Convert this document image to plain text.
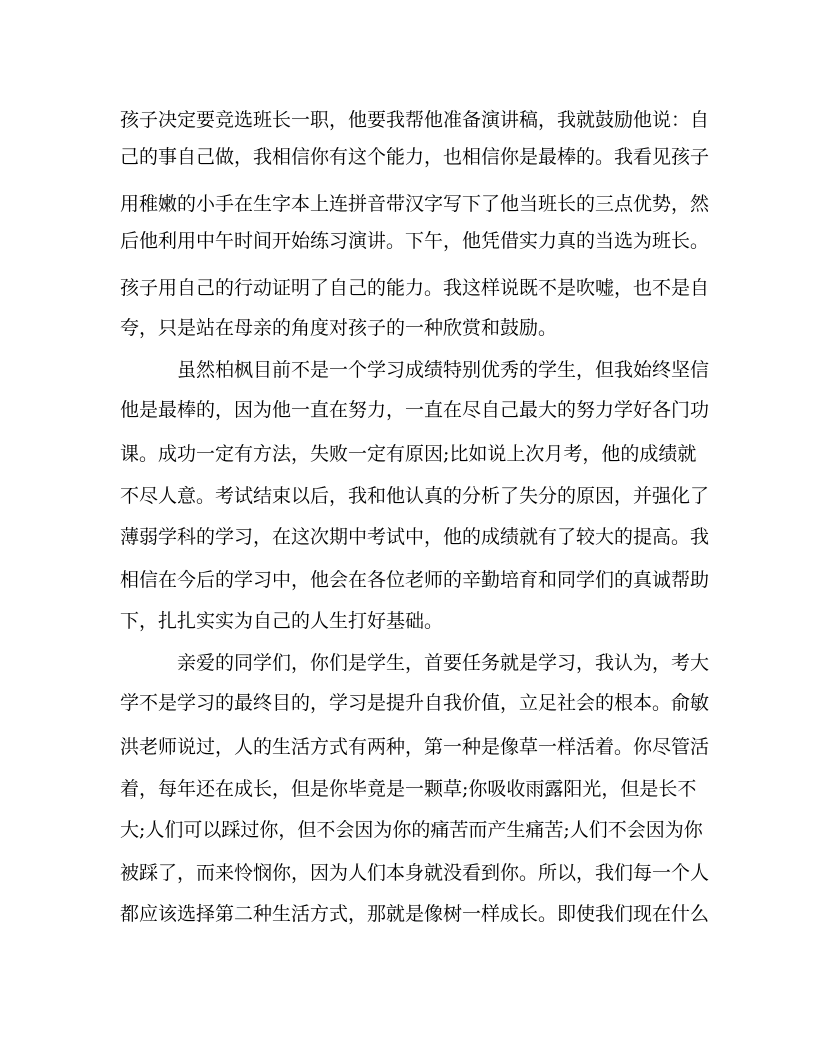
孩子决定要竞选班长一职，他要我帮他准备演讲稿，我就鼓励他说：自

己的事自己做，我相信你有这个能力，也相信你是最棒的。我看见孩子

用稚嫩的小手在生字本上连拼音带汉字写下了他当班长的三点优势，然

后他利用中午时间开始练习演讲。下午，他凭借实力真的当选为班长。

孩子用自己的行动证明了自己的能力。我这样说既不是吹嘘，也不是自

夸，只是站在母亲的角度对孩子的一种欣赏和鼓励。

虽然柏枫目前不是一个学习成绩特别优秀的学生，但我始终坚信

他是最棒的，因为他一直在努力，一直在尽自己最大的努力学好各门功

课。成功一定有方法，失败一定有原因;比如说上次月考，他的成绩就

不尽人意。考试结束以后，我和他认真的分析了失分的原因，并强化了

薄弱学科的学习，在这次期中考试中，他的成绩就有了较大的提高。我

相信在今后的学习中，他会在各位老师的辛勤培育和同学们的真诚帮助

下，扎扎实实为自己的人生打好基础。

亲爱的同学们，你们是学生，首要任务就是学习，我认为，考大

学不是学习的最终目的，学习是提升自我价值，立足社会的根本。俞敏

洪老师说过，人的生活方式有两种，第一种是像草一样活着。你尽管活

着，每年还在成长，但是你毕竟是一颗草;你吸收雨露阳光，但是长不

大;人们可以踩过你，但不会因为你的痛苦而产生痛苦;人们不会因为你

被踩了，而来怜悯你，因为人们本身就没看到你。所以，我们每一个人

都应该选择第二种生活方式，那就是像树一样成长。即使我们现在什么
